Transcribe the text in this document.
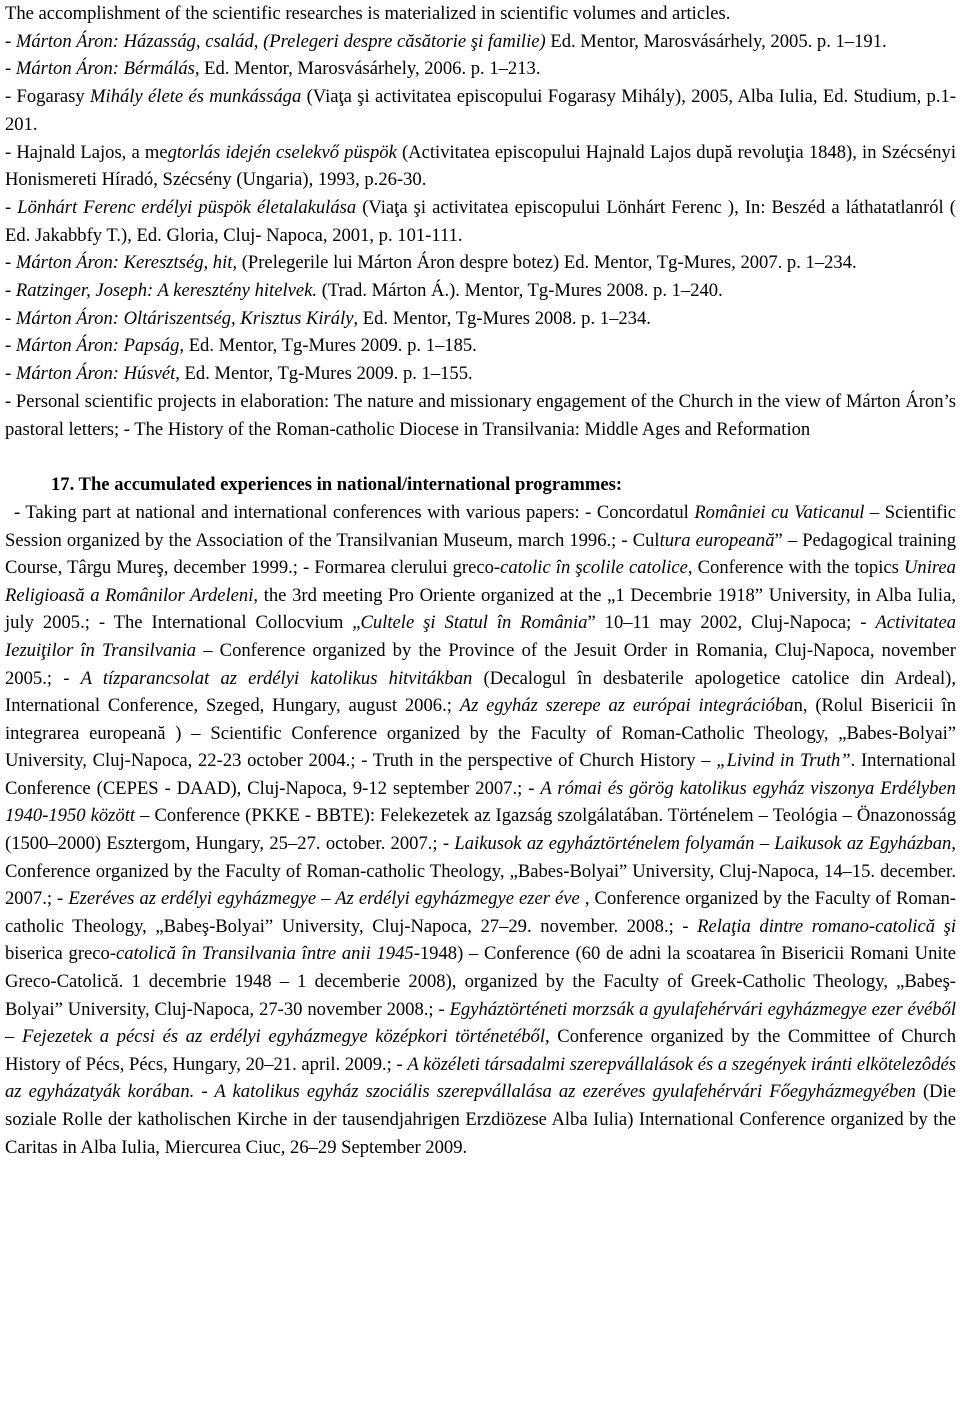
The accomplishment of the scientific researches is materialized in scientific volumes and articles.

- Márton Áron: Házasság, család, (Prelegeri despre căsătorie şi familie) Ed. Mentor, Marosvásárhely, 2005. p. 1–191.

- Márton Áron: Bérmálás, Ed. Mentor, Marosvásárhely, 2006. p. 1–213.

- Fogarasy Mihály élete és munkássága (Viaţa şi activitatea episcopului Fogarasy Mihály), 2005, Alba Iulia, Ed. Studium, p.1-201.

- Hajnald Lajos, a megtorlás idején cselekvő püspök (Activitatea episcopului Hajnald Lajos după revoluţia 1848), in Szécsényi Honismereti Híradó, Szécsény (Ungaria), 1993, p.26-30.

- Lönhárt Ferenc erdélyi püspök életalakulása (Viaţa şi activitatea episcopului Lönhárt Ferenc ), In: Beszéd a láthatatlanról ( Ed. Jakabbfy T.), Ed. Gloria, Cluj- Napoca, 2001, p. 101-111.

- Márton Áron: Keresztség, hit, (Prelegerile lui Márton Áron despre botez) Ed. Mentor, Tg-Mures, 2007. p. 1–234.

- Ratzinger, Joseph: A keresztény hitelvek. (Trad. Márton Á.). Mentor, Tg-Mures 2008. p. 1–240.

- Márton Áron: Oltáriszentség, Krisztus Király, Ed. Mentor, Tg-Mures 2008. p. 1–234.

- Márton Áron: Papság, Ed. Mentor, Tg-Mures 2009. p. 1–185.

- Márton Áron: Húsvét, Ed. Mentor, Tg-Mures 2009. p. 1–155.

- Personal scientific projects in elaboration: The nature and missionary engagement of the Church in the view of Márton Áron’s pastoral letters; - The History of the Roman-catholic Diocese in Transilvania: Middle Ages and Reformation

17. The accumulated experiences in national/international programmes:

- Taking part at national and international conferences with various papers: - Concordatul României cu Vaticanul – Scientific Session organized by the Association of the Transilvanian Museum, march 1996.; - Cultura europeană” – Pedagogical training Course, Târgu Mureş, december 1999.; - Formarea clerului greco-catolic în şcolile catolice, Conference with the topics Unirea Religioasă a Românilor Ardeleni, the 3rd meeting Pro Oriente organized at the „1 Decembrie 1918” University, in Alba Iulia, july 2005.; - The International Collocvium „Cultele şi Statul în România” 10–11 may 2002, Cluj-Napoca; - Activitatea Iezuiţilor în Transilvania – Conference organized by the Province of the Jesuit Order in Romania, Cluj-Napoca, november 2005.; - A tízparancsolat az erdélyi katolikus hitvitákban (Decalogul în desbaterile apologetice catolice din Ardeal), International Conference, Szeged, Hungary, august 2006.; Az egyház szerepe az európai integrációban, (Rolul Bisericii în integrarea europeană ) – Scientific Conference organized by the Faculty of Roman-Catholic Theology, „Babes-Bolyai” University, Cluj-Napoca, 22-23 october 2004.; - Truth in the perspective of Church History – „Livind in Truth”. International Conference (CEPES - DAAD), Cluj-Napoca, 9-12 september 2007.; - A római és görög katolikus egyház viszonya Erdélyben 1940-1950 között – Conference (PKKE - BBTE): Felekezetek az Igazság szolgálatában. Történelem – Teológia – Önazonosság (1500–2000) Esztergom, Hungary, 25–27. october. 2007.; - Laikusok az egyháztörténelem folyamán – Laikusok az Egyházban, Conference organized by the Faculty of Roman-catholic Theology, „Babes-Bolyai” University, Cluj-Napoca, 14–15. december. 2007.; - Ezeréves az erdélyi egyházmegye – Az erdélyi egyházmegye ezer éve , Conference organized by the Faculty of Roman-catholic Theology, „Babeş-Bolyai” University, Cluj-Napoca, 27–29. november. 2008.; - Relaţia dintre romano-catolică şi biserica greco-catolică în Transilvania între anii 1945-1948) – Conference (60 de adni la scoatarea în Bisericii Romani Unite Greco-Catolică. 1 decembrie 1948 – 1 decemberie 2008), organized by the Faculty of Greek-Catholic Theology, „Babeş-Bolyai” University, Cluj-Napoca, 27-30 november 2008.; - Egyháztörténeti morzsák a gyulafehérvári egyházmegye ezer évéből – Fejezetek a pécsi és az erdélyi egyházmegye középkori történetéből, Conference organized by the Committee of Church History of Pécs, Pécs, Hungary, 20–21. april. 2009.; - A közéleti társadalmi szerepvállalások és a szegények iránti elkötelezôdés az egyházatyák korában. - A katolikus egyház szociális szerepvállalása az ezeréves gyulafehérvári Főegyházmegyében (Die soziale Rolle der katholischen Kirche in der tausendjahrigen Erzdiözese Alba Iulia) International Conference organized by the Caritas in Alba Iulia, Miercurea Ciuc, 26–29 September 2009.
